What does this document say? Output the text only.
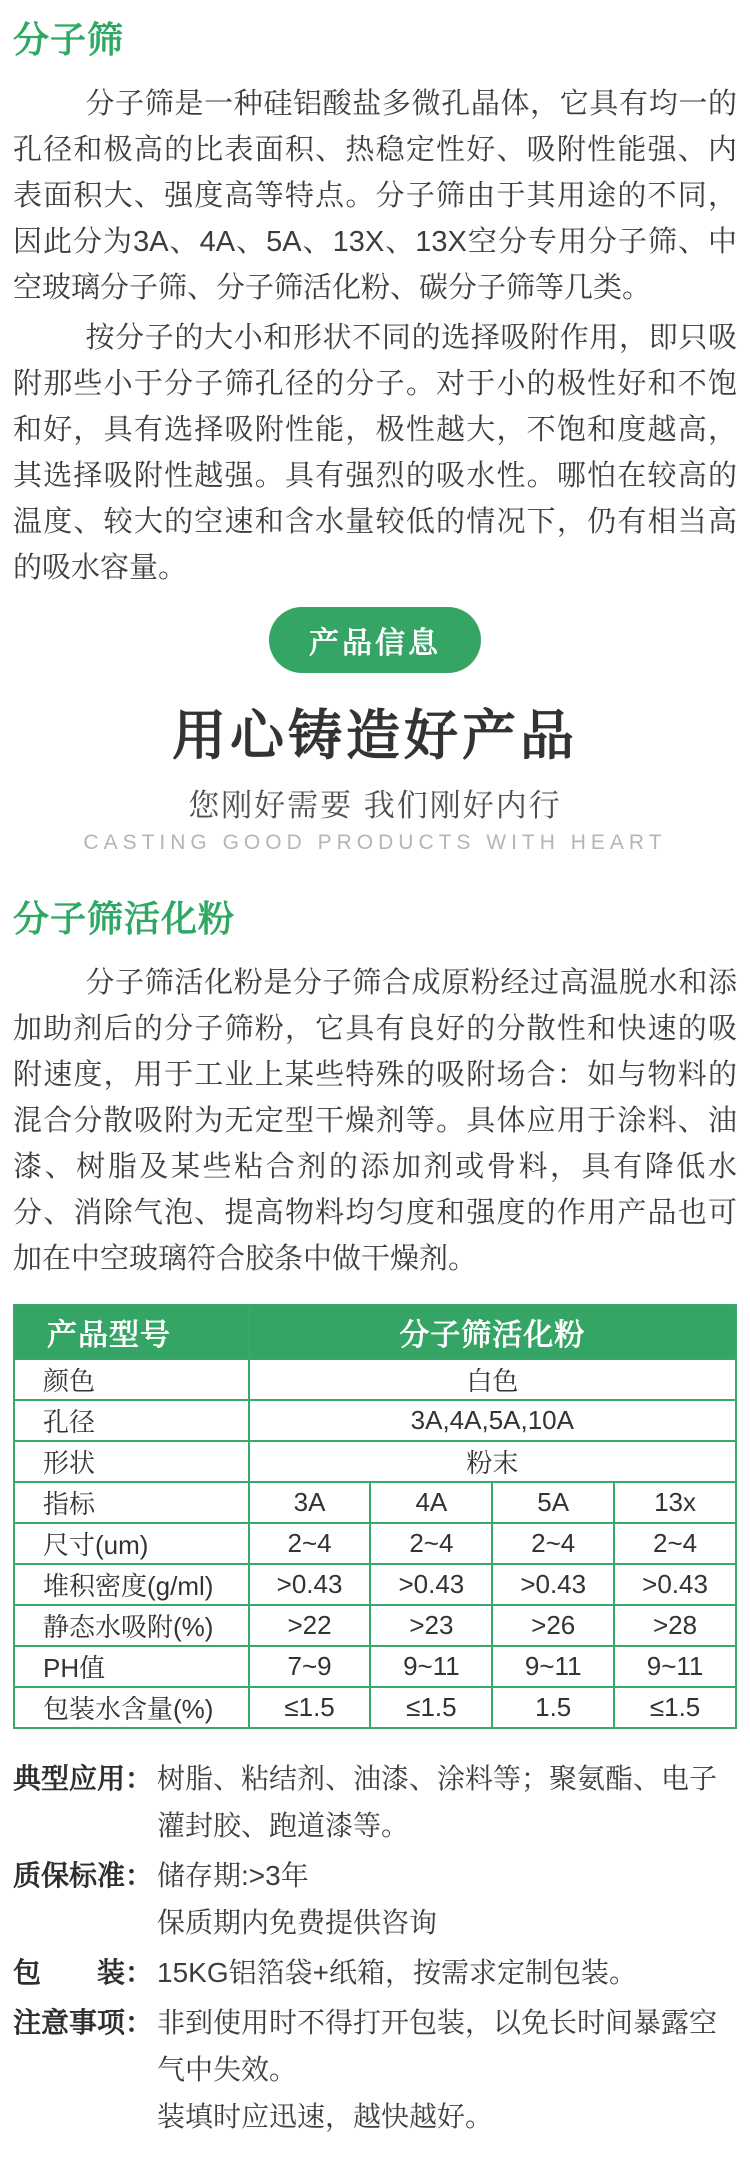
分子筛

分子筛是一种硅铝酸盐多微孔晶体，它具有均一的孔径和极高的比表面积、热稳定性好、吸附性能强、内表面积大、强度高等特点。分子筛由于其用途的不同，因此分为3A、4A、5A、13X、13X空分专用分子筛、中空玻璃分子筛、分子筛活化粉、碳分子筛等几类。

按分子的大小和形状不同的选择吸附作用，即只吸附那些小于分子筛孔径的分子。对于小的极性好和不饱和好，具有选择吸附性能，极性越大，不饱和度越高，其选择吸附性越强。具有强烈的吸水性。哪怕在较高的温度、较大的空速和含水量较低的情况下，仍有相当高的吸水容量。

产品信息
用心铸造好产品
您刚好需要 我们刚好内行
CASTING GOOD PRODUCTS WITH HEART
分子筛活化粉

分子筛活化粉是分子筛合成原粉经过高温脱水和添加助剂后的分子筛粉，它具有良好的分散性和快速的吸附速度，用于工业上某些特殊的吸附场合：如与物料的混合分散吸附为无定型干燥剂等。具体应用于涂料、油漆、树脂及某些粘合剂的添加剂或骨料，具有降低水分、消除气泡、提高物料均匀度和强度的作用产品也可加在中空玻璃符合胶条中做干燥剂。

产品型号	分子筛活化粉			
颜色	白色			
孔径	3A,4A,5A,10A			
形状	粉末			
指标	3A	4A	5A	13x
尺寸(um)	2~4	2~4	2~4	2~4
堆积密度(g/ml)	>0.43	>0.43	>0.43	>0.43
静态水吸附(%)	>22	>23	>26	>28
PH值	7~9	9~11	9~11	9~11
包装水含量(%)	≤1.5	≤1.5	1.5	≤1.5
典型应用： 树脂、粘结剂、油漆、涂料等；聚氨酯、电子灌封胶、跑道漆等。
质保标准： 储存期:>3年
保质期内免费提供咨询
包　　装： 15KG铝箔袋+纸箱，按需求定制包装。
注意事项： 非到使用时不得打开包装，以免长时间暴露空气中失效。
装填时应迅速，越快越好。
